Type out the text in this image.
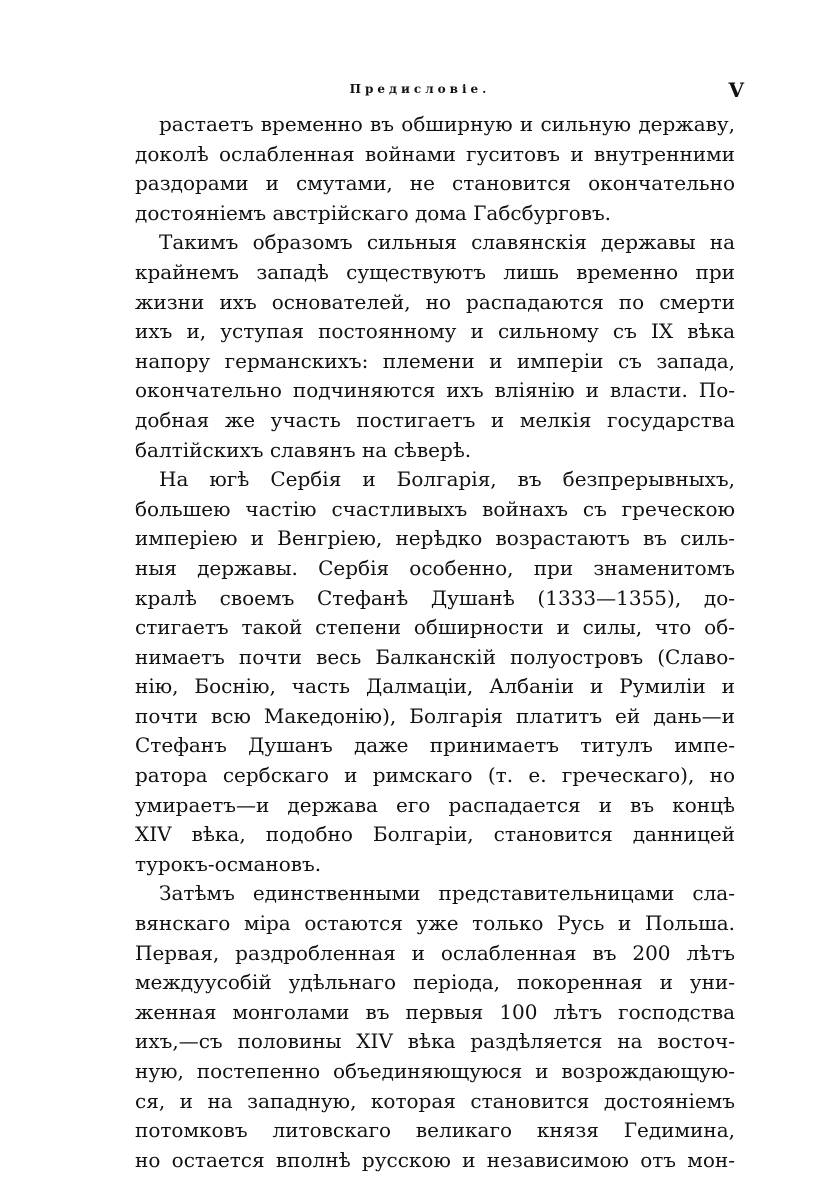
Предисловіе.	V
растаетъ временно въ обширную и сильную державу,
доколѣ ослабленная войнами гуситовъ и внутренними
раздорами и смутами, не становится окончательно
достояніемъ австрійскаго дома Габсбурговъ.
Такимъ образомъ сильныя славянскія державы на
крайнемъ западѣ существуютъ лишь временно при
жизни ихъ основателей, но распадаются по смерти
ихъ и, уступая постоянному и сильному съ IX вѣка
напору германскихъ: племени и имперіи съ запада,
окончательно подчиняются ихъ вліянію и власти. По-
добная же участь постигаетъ и мелкія государства
балтійскихъ славянъ на сѣверѣ.
На югѣ Сербія и Болгарія, въ безпрерывныхъ,
большею частію счастливыхъ войнахъ съ греческою
имперіею и Венгріею, нерѣдко возрастаютъ въ силь-
ныя державы. Сербія особенно, при знаменитомъ
кралѣ своемъ Стефанѣ Душанѣ (1333—1355), до-
стигаетъ такой степени обширности и силы, что об-
нимаетъ почти весь Балканскій полуостровъ (Славо-
нію, Боснію, часть Далмаціи, Албаніи и Румиліи и
почти всю Македонію), Болгарія платитъ ей дань—и
Стефанъ Душанъ даже принимаетъ титулъ импе-
ратора сербскаго и римскаго (т. е. греческаго), но
умираетъ—и держава его распадается и въ концѣ
XIV вѣка, подобно Болгаріи, становится данницей
турокъ-османовъ.
Затѣмъ единственными представительницами сла-
вянскаго міра остаются уже только Русь и Польша.
Первая, раздробленная и ослабленная въ 200 лѣтъ
междуусобій удѣльнаго періода, покоренная и уни-
женная монголами въ первыя 100 лѣтъ господства
ихъ,—съ половины XIV вѣка раздѣляется на восточ-
ную, постепенно объединяющуюся и возрождающую-
ся, и на западную, которая становится достояніемъ
потомковъ литовскаго великаго князя Гедимина,
но остается вполнѣ русскою и независимою отъ мон-
